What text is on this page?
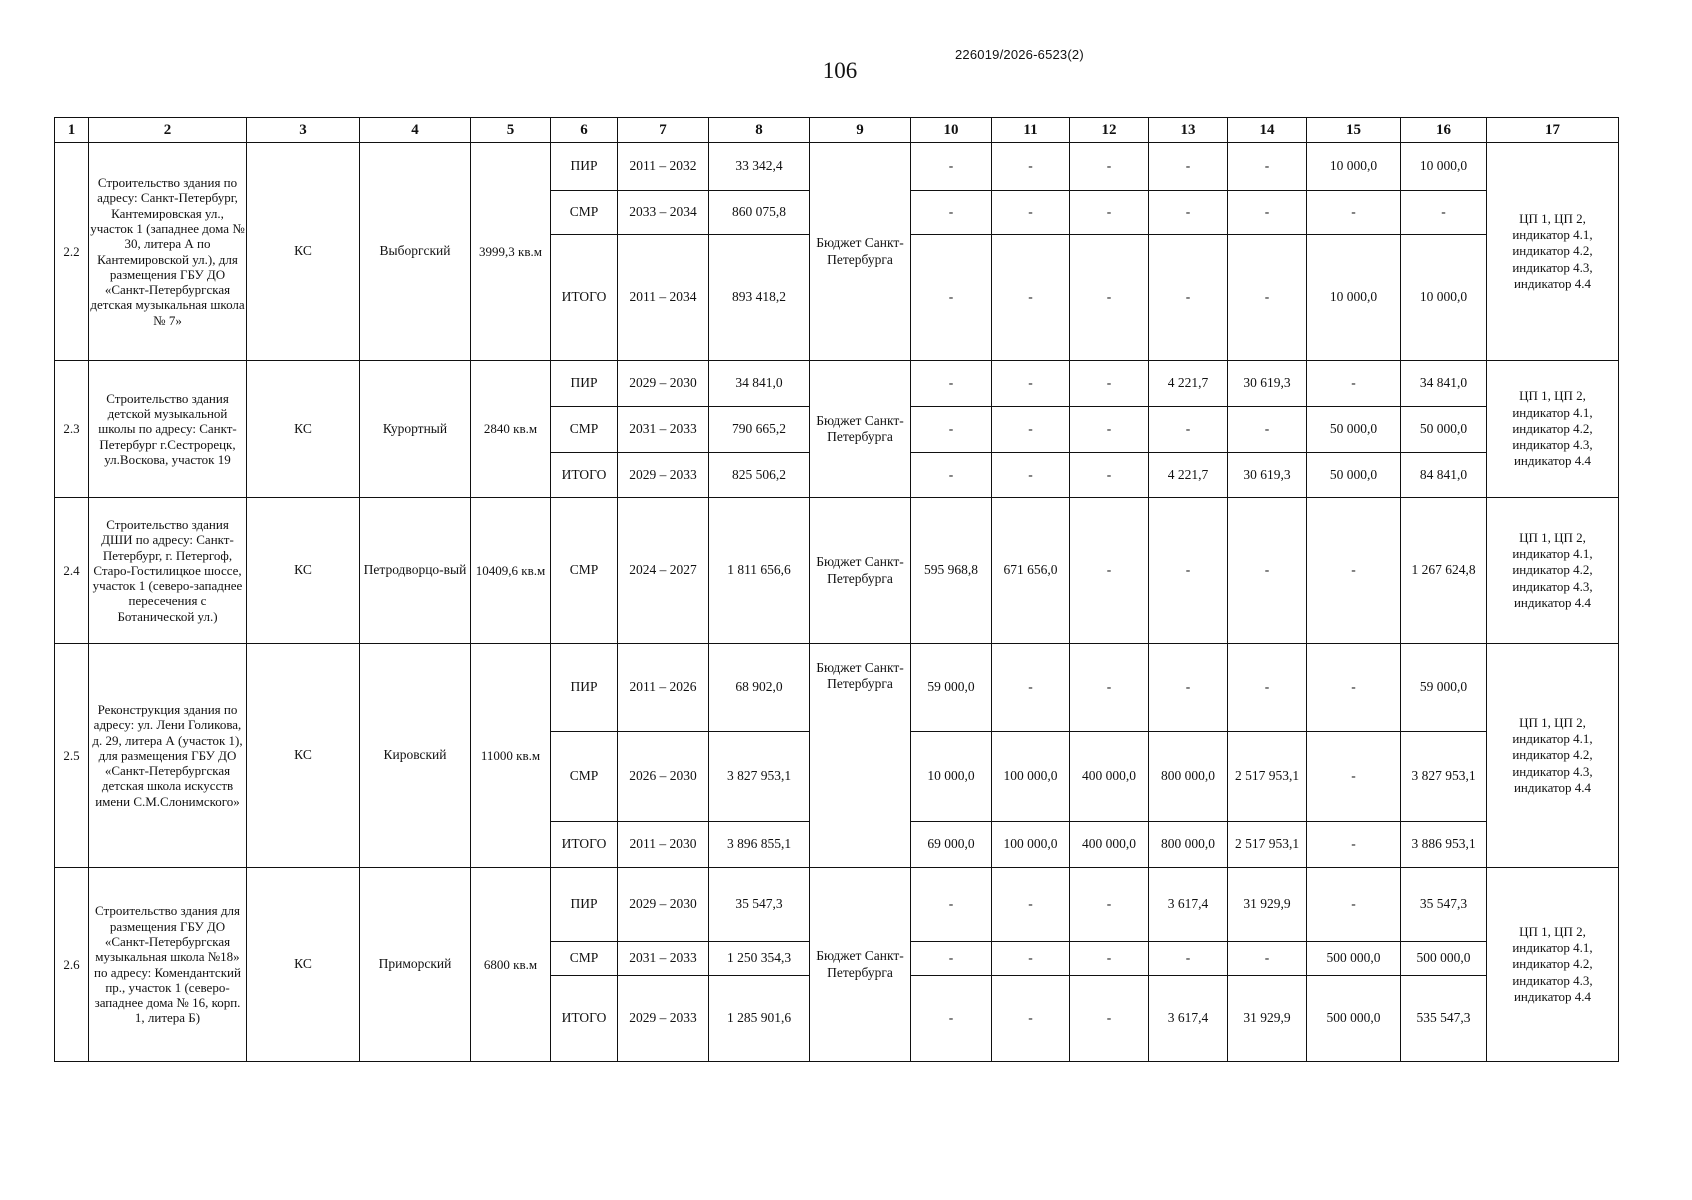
106
226019/2026-6523(2)
1	2	3	4	5	6	7	8	9	10	11	12	13	14	15	16	17
2.2	Строительство здания по адресу: Санкт-Петербург, Кантемировская ул., участок 1 (западнее дома № 30, литера А по Кантемировской ул.), для размещения ГБУ ДО «Санкт-Петербургская детская музыкальная школа № 7»	КС	Выборгский	3999,3 кв.м	ПИР	2011 – 2032	33 342,4	Бюджет Санкт-Петербурга	-	-	-	-	-	10 000,0	10 000,0	ЦП 1, ЦП 2, индикатор 4.1, индикатор 4.2, индикатор 4.3, индикатор 4.4
					СМР	2033 – 2034	860 075,8		-	-	-	-	-	-	-	
					ИТОГО	2011 – 2034	893 418,2		-	-	-	-	-	10 000,0	10 000,0	
2.3	Строительство здания детской музыкальной школы по адресу: Санкт-Петербург г.Сестрорецк, ул.Воскова, участок 19	КС	Курортный	2840 кв.м	ПИР	2029 – 2030	34 841,0	Бюджет Санкт-Петербурга	-	-	-	4 221,7	30 619,3	-	34 841,0	ЦП 1, ЦП 2, индикатор 4.1, индикатор 4.2, индикатор 4.3, индикатор 4.4
					СМР	2031 – 2033	790 665,2		-	-	-	-	-	50 000,0	50 000,0	
					ИТОГО	2029 – 2033	825 506,2		-	-	-	4 221,7	30 619,3	50 000,0	84 841,0	
2.4	Строительство здания ДШИ по адресу: Санкт-Петербург, г. Петергоф, Старо-Гостилицкое шоссе, участок 1 (северо-западнее пересечения с Ботанической ул.)	КС	Петродворцо-вый	10409,6 кв.м	СМР	2024 – 2027	1 811 656,6	Бюджет Санкт-Петербурга	595 968,8	671 656,0	-	-	-	-	1 267 624,8	ЦП 1, ЦП 2, индикатор 4.1, индикатор 4.2, индикатор 4.3, индикатор 4.4
2.5	Реконструкция здания по адресу: ул. Лени Голикова, д. 29, литера А (участок 1), для размещения ГБУ ДО «Санкт-Петербургская детская школа искусств имени С.М.Слонимского»	КС	Кировский	11000 кв.м	ПИР	2011 – 2026	68 902,0	Бюджет Санкт-Петербурга	59 000,0	-	-	-	-	-	59 000,0	ЦП 1, ЦП 2, индикатор 4.1, индикатор 4.2, индикатор 4.3, индикатор 4.4
					СМР	2026 – 2030	3 827 953,1		10 000,0	100 000,0	400 000,0	800 000,0	2 517 953,1	-	3 827 953,1	
					ИТОГО	2011 – 2030	3 896 855,1		69 000,0	100 000,0	400 000,0	800 000,0	2 517 953,1	-	3 886 953,1	
2.6	Строительство здания для размещения ГБУ ДО «Санкт-Петербургская музыкальная школа №18» по адресу: Комендантский пр., участок 1 (северо-западнее дома № 16, корп. 1, литера Б)	КС	Приморский	6800 кв.м	ПИР	2029 – 2030	35 547,3	Бюджет Санкт-Петербурга	-	-	-	3 617,4	31 929,9	-	35 547,3	ЦП 1, ЦП 2, индикатор 4.1, индикатор 4.2, индикатор 4.3, индикатор 4.4
					СМР	2031 – 2033	1 250 354,3		-	-	-	-	-	500 000,0	500 000,0	
					ИТОГО	2029 – 2033	1 285 901,6		-	-	-	3 617,4	31 929,9	500 000,0	535 547,3	
